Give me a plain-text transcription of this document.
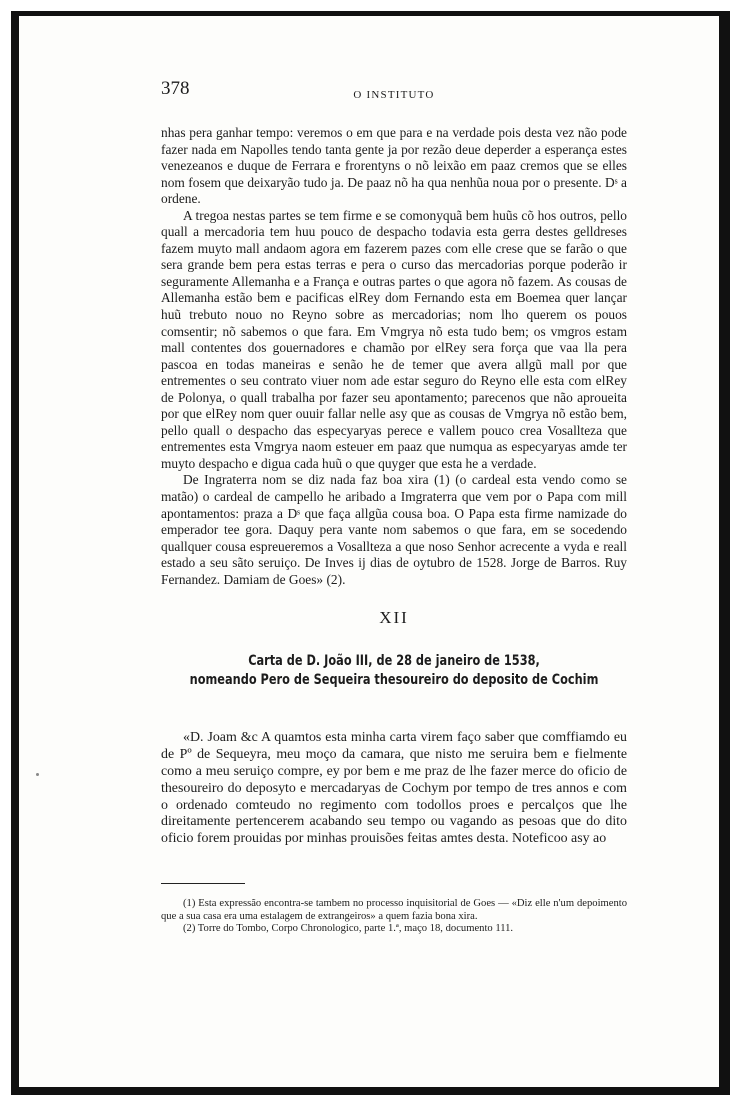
378	O INSTITUTO

nhas pera ganhar tempo: veremos o em que para e na verdade pois desta vez não pode fazer nada em Napolles tendo tanta gente ja por rezão deue deperder a esperança estes venezeanos e duque de Ferrara e frorentyns o nõ leixão em paaz cremos que se elles nom fosem que deixaryão tudo ja. De paaz nõ ha qua nenhũa noua por o presente. Dˢ a ordene.

A tregoa nestas partes se tem firme e se comonyquã bem huũs cõ hos outros, pello quall a mercadoria tem huu pouco de despacho todavia esta gerra destes gelldreses fazem muyto mall andaom agora em fazerem pazes com elle crese que se farão o que sera grande bem pera estas terras e pera o curso das mercadorias porque poderão ir seguramente Allemanha e a França e outras partes o que agora nõ fazem. As cousas de Allemanha estão bem e pacificas elRey dom Fernando esta em Boemea quer lançar huũ trebuto nouo no Reyno sobre as mercadorias; nom lho querem os pouos comsentir; nõ sabemos o que fara. Em Vmgrya nõ esta tudo bem; os vmgros estam mall contentes dos gouernadores e chamão por elRey sera força que vaa lla pera pascoa en todas maneiras e senão he de temer que avera allgũ mall por que entrementes o seu contrato viuer nom ade estar seguro do Reyno elle esta com elRey de Polonya, o quall trabalha por fazer seu apontamento; parecenos que não aproueita por que elRey nom quer ouuir fallar nelle asy que as cousas de Vmgrya nõ estão bem, pello quall o despacho das especyaryas perece e vallem pouco crea Vosallteza que entrementes esta Vmgrya naom esteuer em paaz que numqua as especyaryas amde ter muyto despacho e digua cada huũ o que quyger que esta he a verdade.

De Ingraterra nom se diz nada faz boa xira (1) (o cardeal esta vendo como se matão) o cardeal de campello he aribado a Imgraterra que vem por o Papa com mill apontamentos: praza a Dˢ que faça allgũa cousa boa. O Papa esta firme namizade do emperador tee gora. Daquy pera vante nom sabemos o que fara, em se socedendo quallquer cousa espreueremos a Vosallteza a que noso Senhor acrecente a vyda e reall estado a seu sãto seruiço. De Inves ij dias de oytubro de 1528. Jorge de Barros. Ruy Fernandez. Damiam de Goes» (2).

XII
Carta de D. João III, de 28 de janeiro de 1538,
nomeando Pero de Sequeira thesoureiro do deposito de Cochim

«D. Joam &c A quamtos esta minha carta virem faço saber que comffiamdo eu de Pº de Sequeyra, meu moço da camara, que nisto me seruira bem e fielmente como a meu seruiço compre, ey por bem e me praz de lhe fazer merce do oficio de thesoureiro do deposyto e mercadaryas de Cochym por tempo de tres annos e com o ordenado comteudo no regimento com todollos proes e percalços que lhe direitamente pertencerem acabando seu tempo ou vagando as pesoas que do dito oficio forem prouidas por minhas prouisões feitas amtes desta. Noteficoo asy ao

(1) Esta expressão encontra-se tambem no processo inquisitorial de Goes — «Diz elle n'um depoimento que a sua casa era uma estalagem de extrangeiros» a quem fazia bona xira.

(2) Torre do Tombo, Corpo Chronologico, parte 1.ª, maço 18, documento 111.
